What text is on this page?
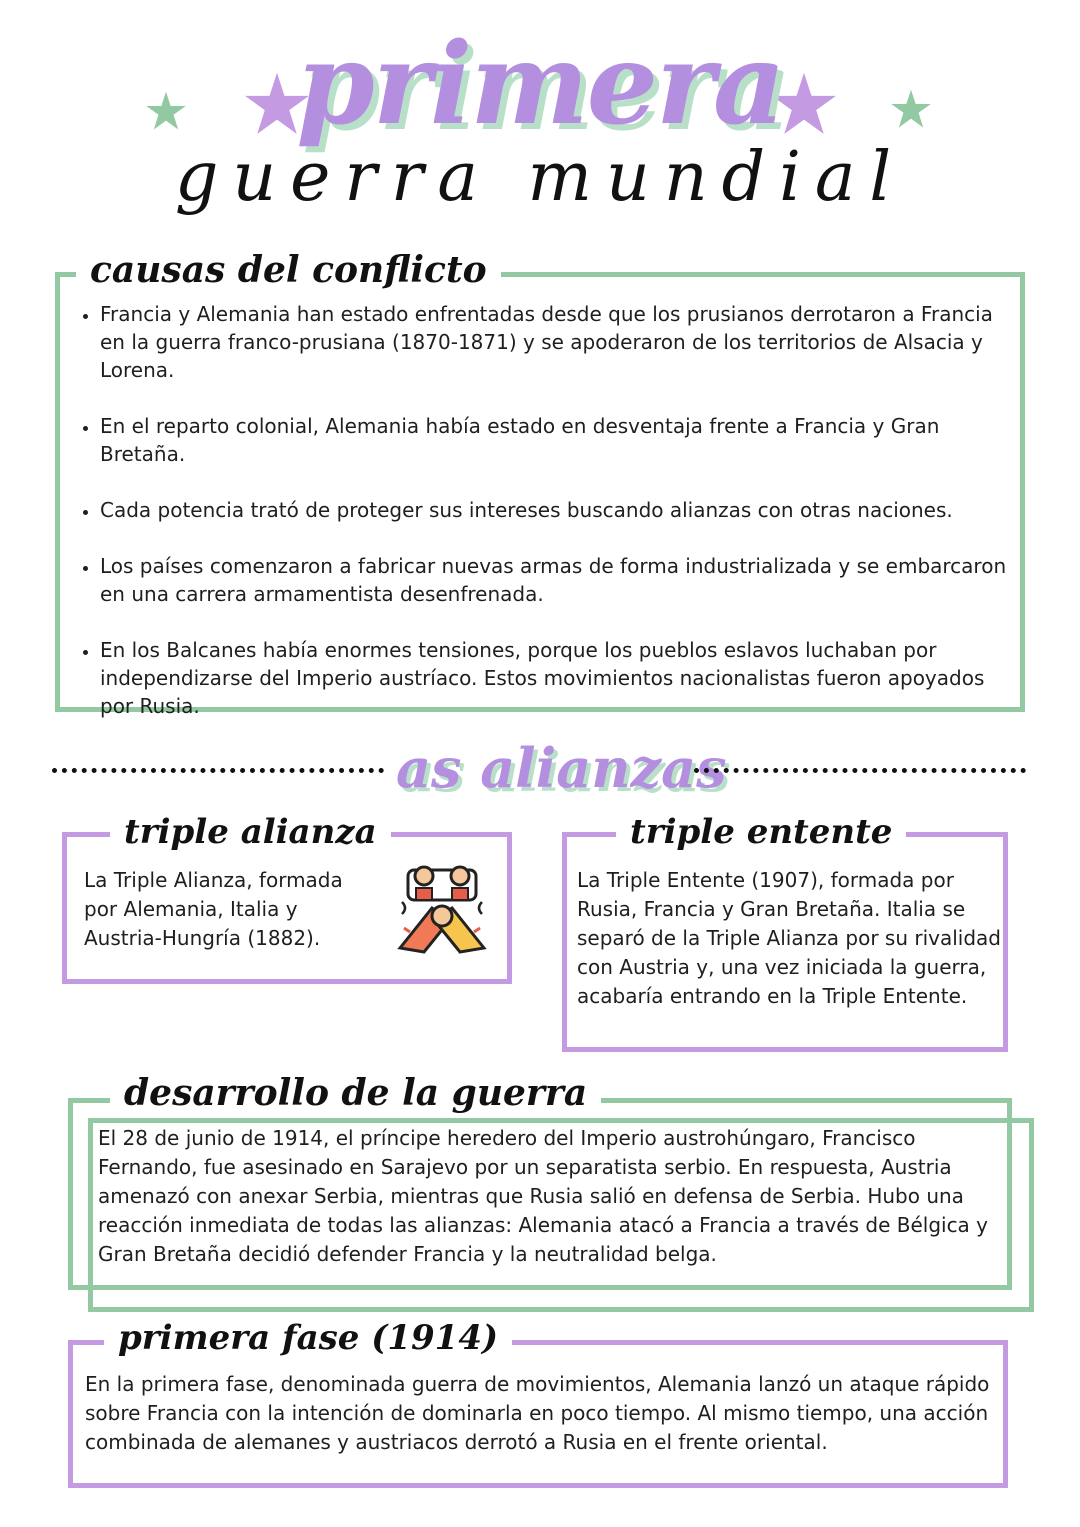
primera
guerra mundial
causas del conflicto
• Francia y Alemania han estado enfrentadas desde que los prusianos derrotaron a Francia en la guerra franco-prusiana (1870-1871) y se apoderaron de los territorios de Alsacia y Lorena.
• En el reparto colonial, Alemania había estado en desventaja frente a Francia y Gran Bretaña.
• Cada potencia trató de proteger sus intereses buscando alianzas con otras naciones.
• Los países comenzaron a fabricar nuevas armas de forma industrializada y se embarcaron en una carrera armamentista desenfrenada.
• En los Balcanes había enormes tensiones, porque los pueblos eslavos luchaban por independizarse del Imperio austríaco. Estos movimientos nacionalistas fueron apoyados por Rusia.
as alianzas
triple alianza
La Triple Alianza, formada por Alemania, Italia y Austria-Hungría (1882).
triple entente
La Triple Entente (1907), formada por Rusia, Francia y Gran Bretaña. Italia se separó de la Triple Alianza por su rivalidad con Austria y, una vez iniciada la guerra, acabaría entrando en la Triple Entente.
desarrollo de la guerra
El 28 de junio de 1914, el príncipe heredero del Imperio austrohúngaro, Francisco Fernando, fue asesinado en Sarajevo por un separatista serbio. En respuesta, Austria amenazó con anexar Serbia, mientras que Rusia salió en defensa de Serbia. Hubo una reacción inmediata de todas las alianzas: Alemania atacó a Francia a través de Bélgica y Gran Bretaña decidió defender Francia y la neutralidad belga.
primera fase (1914)
En la primera fase, denominada guerra de movimientos, Alemania lanzó un ataque rápido sobre Francia con la intención de dominarla en poco tiempo. Al mismo tiempo, una acción combinada de alemanes y austriacos derrotó a Rusia en el frente oriental.
